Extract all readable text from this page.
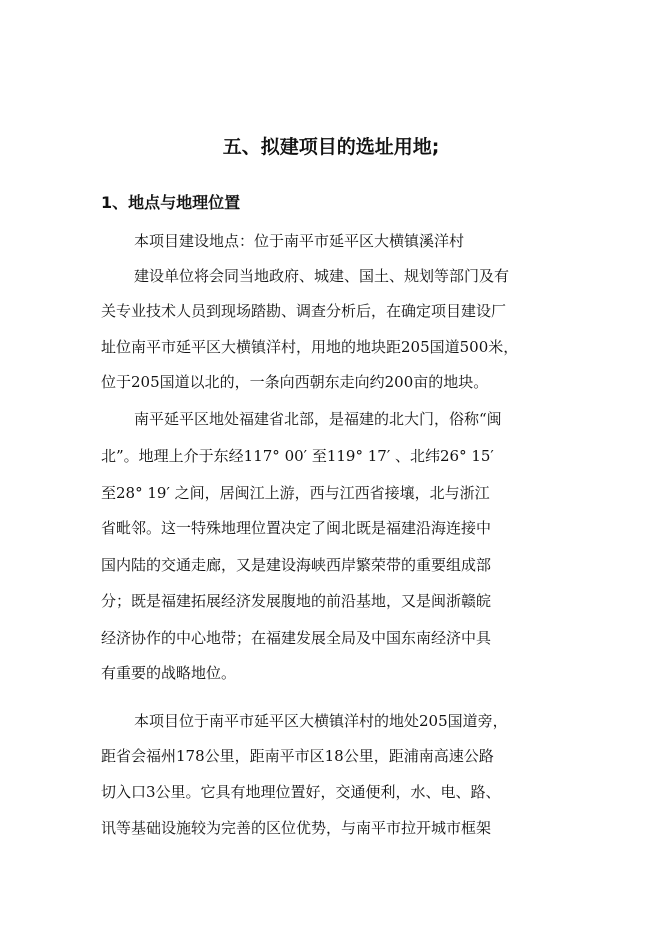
五、拟建项目的选址用地;
1、地点与地理位置

本项目建设地点：位于南平市延平区大横镇溪洋村

建设单位将会同当地政府、城建、国土、规划等部门及有

关专业技术人员到现场踏勘、调查分析后，在确定项目建设厂

址位南平市延平区大横镇洋村，用地的地块距205国道500米，

位于205国道以北的，一条向西朝东走向约200亩的地块。

南平延平区地处福建省北部，是福建的北大门，俗称“闽

北”。地理上介于东经117° 00′ 至119° 17′ 、北纬26° 15′

至28° 19′ 之间，居闽江上游，西与江西省接壤，北与浙江

省毗邻。这一特殊地理位置决定了闽北既是福建沿海连接中

国内陆的交通走廊，又是建设海峡西岸繁荣带的重要组成部

分；既是福建拓展经济发展腹地的前沿基地，又是闽浙赣皖

经济协作的中心地带；在福建发展全局及中国东南经济中具

有重要的战略地位。

本项目位于南平市延平区大横镇洋村的地处205国道旁，

距省会福州178公里，距南平市区18公里，距浦南高速公路

切入口3公里。它具有地理位置好，交通便利，水、电、路、

讯等基础设施较为完善的区位优势，与南平市拉开城市框架
